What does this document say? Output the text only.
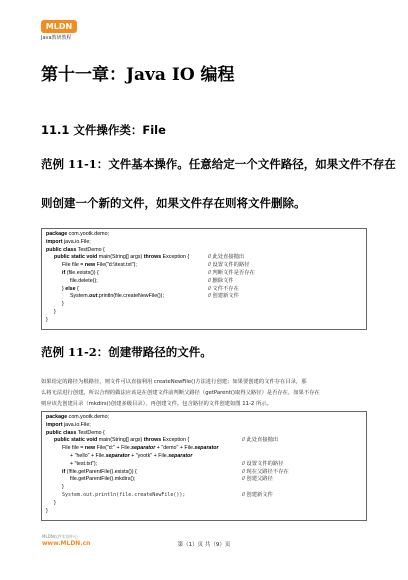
MLDN
Java教研教程
第十一章：Java IO 编程
11.1 文件操作类：File
范例 11-1：文件基本操作。任意给定一个文件路径，如果文件不存在
则创建一个新的文件，如果文件存在则将文件删除。
package com.yootk.demo;
import java.io.File;
public class TestDemo {
public static void main(String[] args) throws Exception {	// 此处直接抛出
File file = new File("d:\\test.txt");	// 设置文件的路径
if (file.exists()) {	// 判断文件是否存在
file.delete();	// 删除文件
} else {	// 文件不存在
System.out.println(file.createNewFile());	// 创建新文件
}
}
}
范例 11-2：创建带路径的文件。

如果给定的路径为根路径，则文件可以直接利用 createNewFile()方法进行创建；如果要创建的文件存在目录，那

么将无法进行创建。所以合理的做法应该是在创建文件前判断父路径（getParent()取得父路径）是否存在，如果不存在

则应该先创建目录（mkdirs()创建多级目录），再创建文件。包含路径的文件创建如图 11-2 所示。

package com.yootk.demo;
import java.io.File;
public class TestDemo {
public static void main(String[] args) throws Exception {	// 此处直接抛出
File file = new File("d:" + File.separator + "demo" + File.separator
+ "hello" + File.separator + "yootk" + File.separator
+ "test.txt");	// 设置文件的路径
if (!file.getParentFile().exists()) {	// 现在父路径不存在
file.getParentFile().mkdirs();	// 创建父路径
}
System.out.println(file.createNewFile());	// 创建新文件
}
}
MLDN软件实训中心
www.MLDN.cn	第（1）页 共（9）页
